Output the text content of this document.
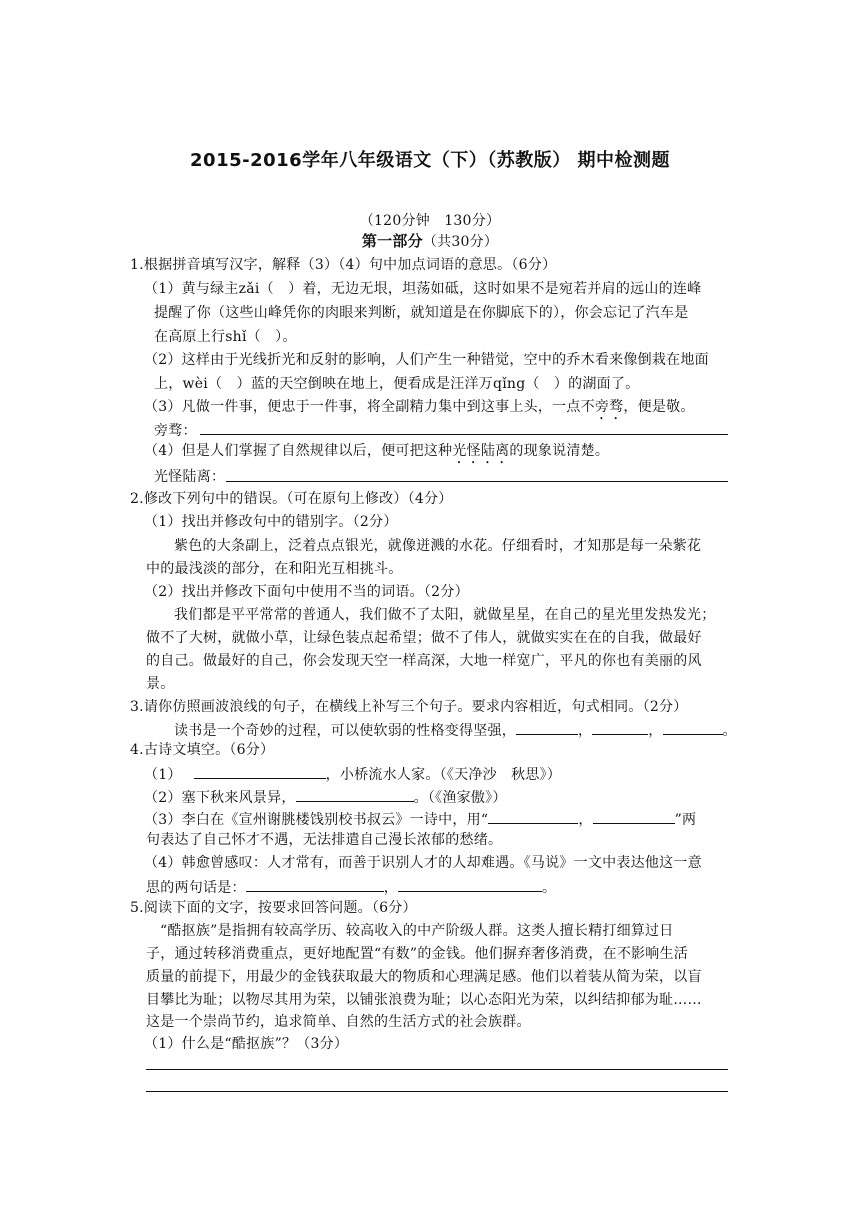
2015-2016学年八年级语文（下）（苏教版） 期中检测题
（120分钟　130分）
第一部分（共30分）
1.根据拼音填写汉字，解释（3）（4）句中加点词语的意思。（6分）
（1）黄与绿主zǎi（　）着，无边无垠，坦荡如砥，这时如果不是宛若并肩的远山的连峰
提醒了你（这些山峰凭你的肉眼来判断，就知道是在你脚底下的），你会忘记了汽车是
在高原上行shǐ（　）。
（2）这样由于光线折光和反射的影响，人们产生一种错觉，空中的乔木看来像倒栽在地面
上，wèi（　）蓝的天空倒映在地上，便看成是汪洋万qǐng（　）的湖面了。
（3）凡做一件事，便忠于一件事，将全副精力集中到这事上头，一点不旁骛，便是敬。
旁骛：
（4）但是人们掌握了自然规律以后，便可把这种光怪陆离的现象说清楚。
光怪陆离：
2.修改下列句中的错误。（可在原句上修改）（4分）
（1）找出并修改句中的错别字。（2分）
紫色的大条副上，泛着点点银光，就像迸溅的水花。仔细看时，才知那是每一朵紫花
中的最浅淡的部分，在和阳光互相挑斗。
（2）找出并修改下面句中使用不当的词语。（2分）
我们都是平平常常的普通人，我们做不了太阳，就做星星，在自己的星光里发热发光；
做不了大树，就做小草，让绿色装点起希望；做不了伟人，就做实实在在的自我，做最好
的自己。做最好的自己，你会发现天空一样高深，大地一样宽广，平凡的你也有美丽的风
景。
3.请你仿照画波浪线的句子，在横线上补写三个句子。要求内容相近，句式相同。（2分）
读书是一个奇妙的过程，可以使软弱的性格变得坚强，	，	，	。
4.古诗文填空。（6分）
（1）	，小桥流水人家。（《天净沙　秋思》）
（2）塞下秋来风景异，	。（《渔家傲》）
（3）李白在《宣州谢朓楼饯别校书叔云》一诗中，用“	，	”两
句表达了自己怀才不遇，无法排遣自己漫长浓郁的愁绪。
（4）韩愈曾感叹：人才常有，而善于识别人才的人却难遇。《马说》一文中表达他这一意
思的两句话是：	，	。
5.阅读下面的文字，按要求回答问题。（6分）
“酷抠族”是指拥有较高学历、较高收入的中产阶级人群。这类人擅长精打细算过日
子，通过转移消费重点，更好地配置“有数”的金钱。他们摒弃奢侈消费，在不影响生活
质量的前提下，用最少的金钱获取最大的物质和心理满足感。他们以着装从简为荣，以盲
目攀比为耻；以物尽其用为荣，以铺张浪费为耻；以心态阳光为荣，以纠结抑郁为耻……
这是一个崇尚节约，追求简单、自然的生活方式的社会族群。
（1）什么是“酷抠族”？（3分）
